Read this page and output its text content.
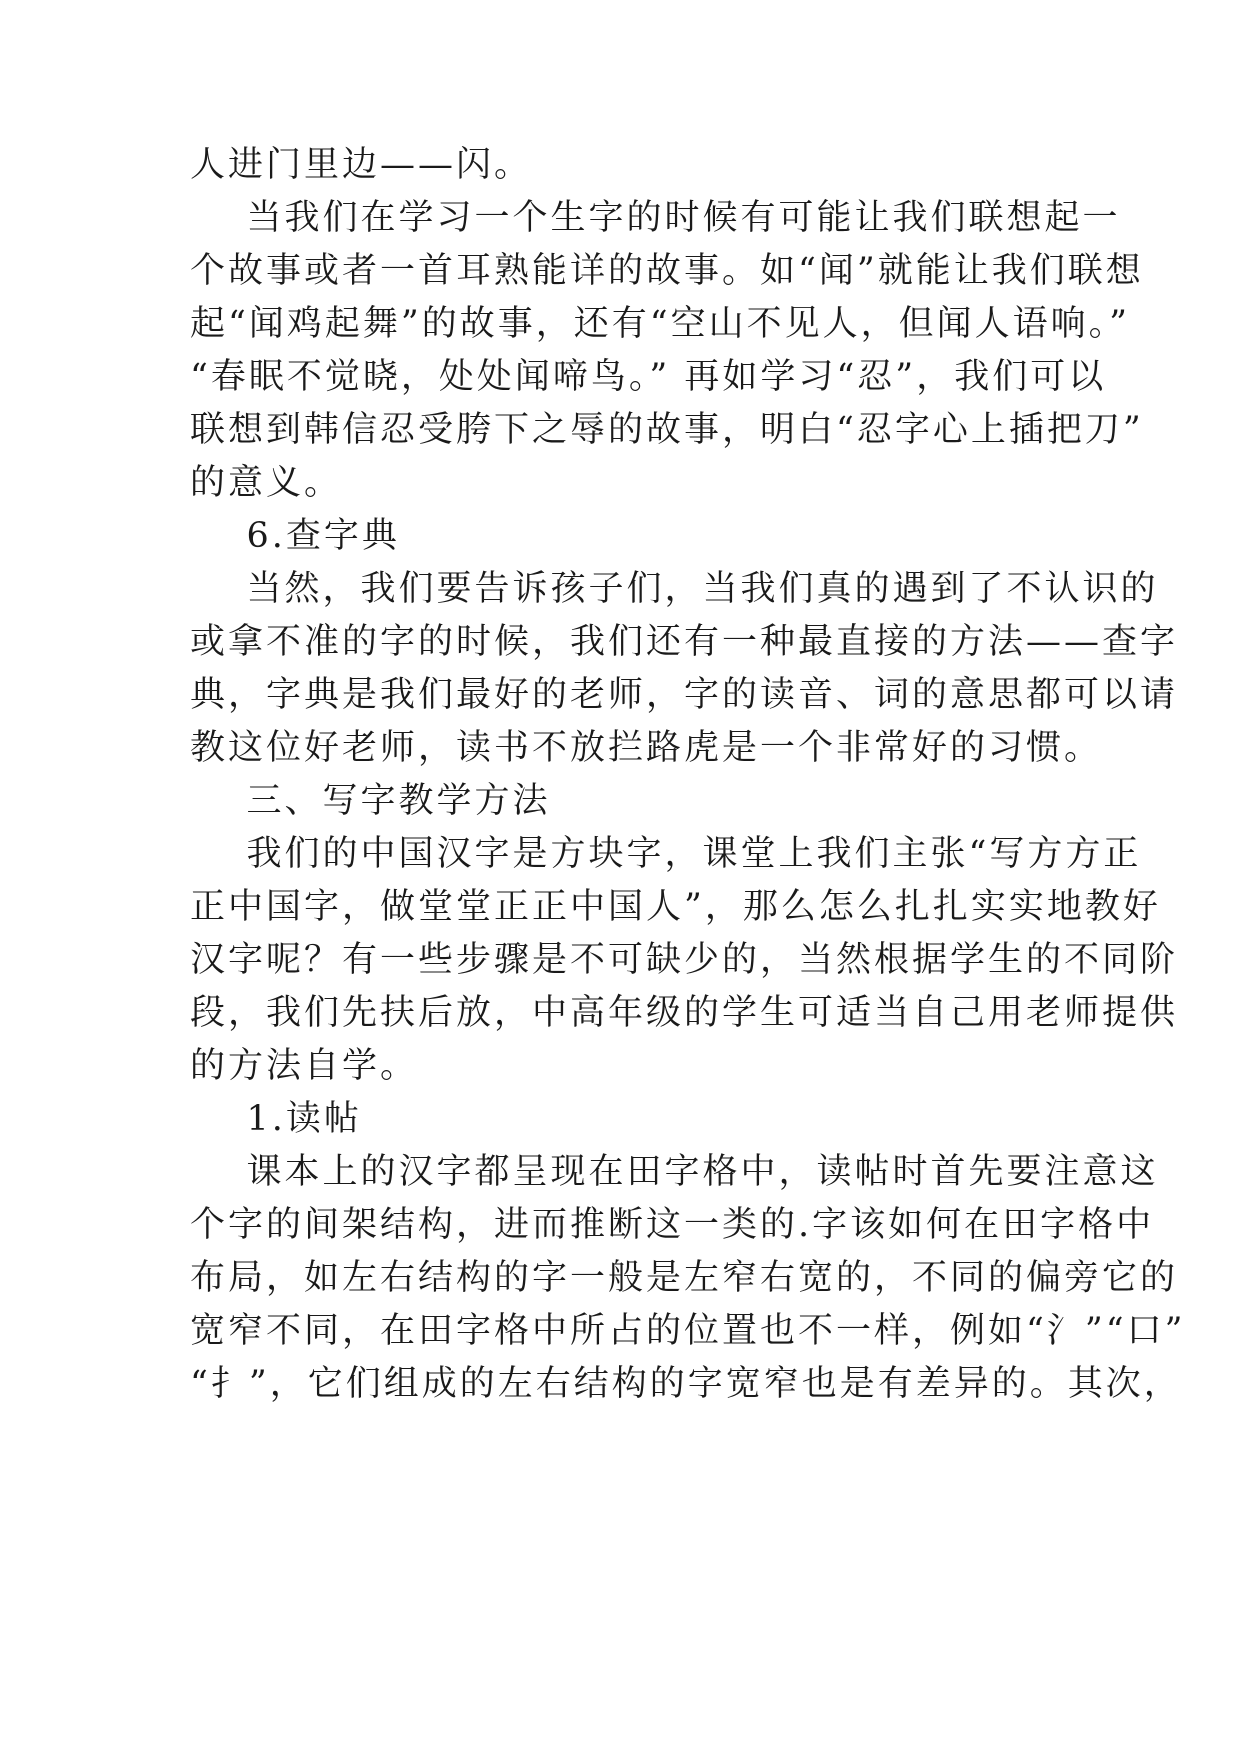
人进门里边——闪。
当我们在学习一个生字的时候有可能让我们联想起一
个故事或者一首耳熟能详的故事。如“闻”就能让我们联想
起“闻鸡起舞”的故事，还有“空山不见人，但闻人语响。”
“春眠不觉晓，处处闻啼鸟。” 再如学习“忍”，我们可以
联想到韩信忍受胯下之辱的故事，明白“忍字心上插把刀”
的意义。
6.查字典
当然，我们要告诉孩子们，当我们真的遇到了不认识的
或拿不准的字的时候，我们还有一种最直接的方法——查字
典，字典是我们最好的老师，字的读音、词的意思都可以请
教这位好老师，读书不放拦路虎是一个非常好的习惯。
三、写字教学方法
我们的中国汉字是方块字，课堂上我们主张“写方方正
正中国字，做堂堂正正中国人”，那么怎么扎扎实实地教好
汉字呢？有一些步骤是不可缺少的，当然根据学生的不同阶
段，我们先扶后放，中高年级的学生可适当自己用老师提供
的方法自学。
1.读帖
课本上的汉字都呈现在田字格中，读帖时首先要注意这
个字的间架结构，进而推断这一类的.字该如何在田字格中
布局，如左右结构的字一般是左窄右宽的，不同的偏旁它的
宽窄不同，在田字格中所占的位置也不一样，例如“氵”“口”
“扌”，它们组成的左右结构的字宽窄也是有差异的。其次，
